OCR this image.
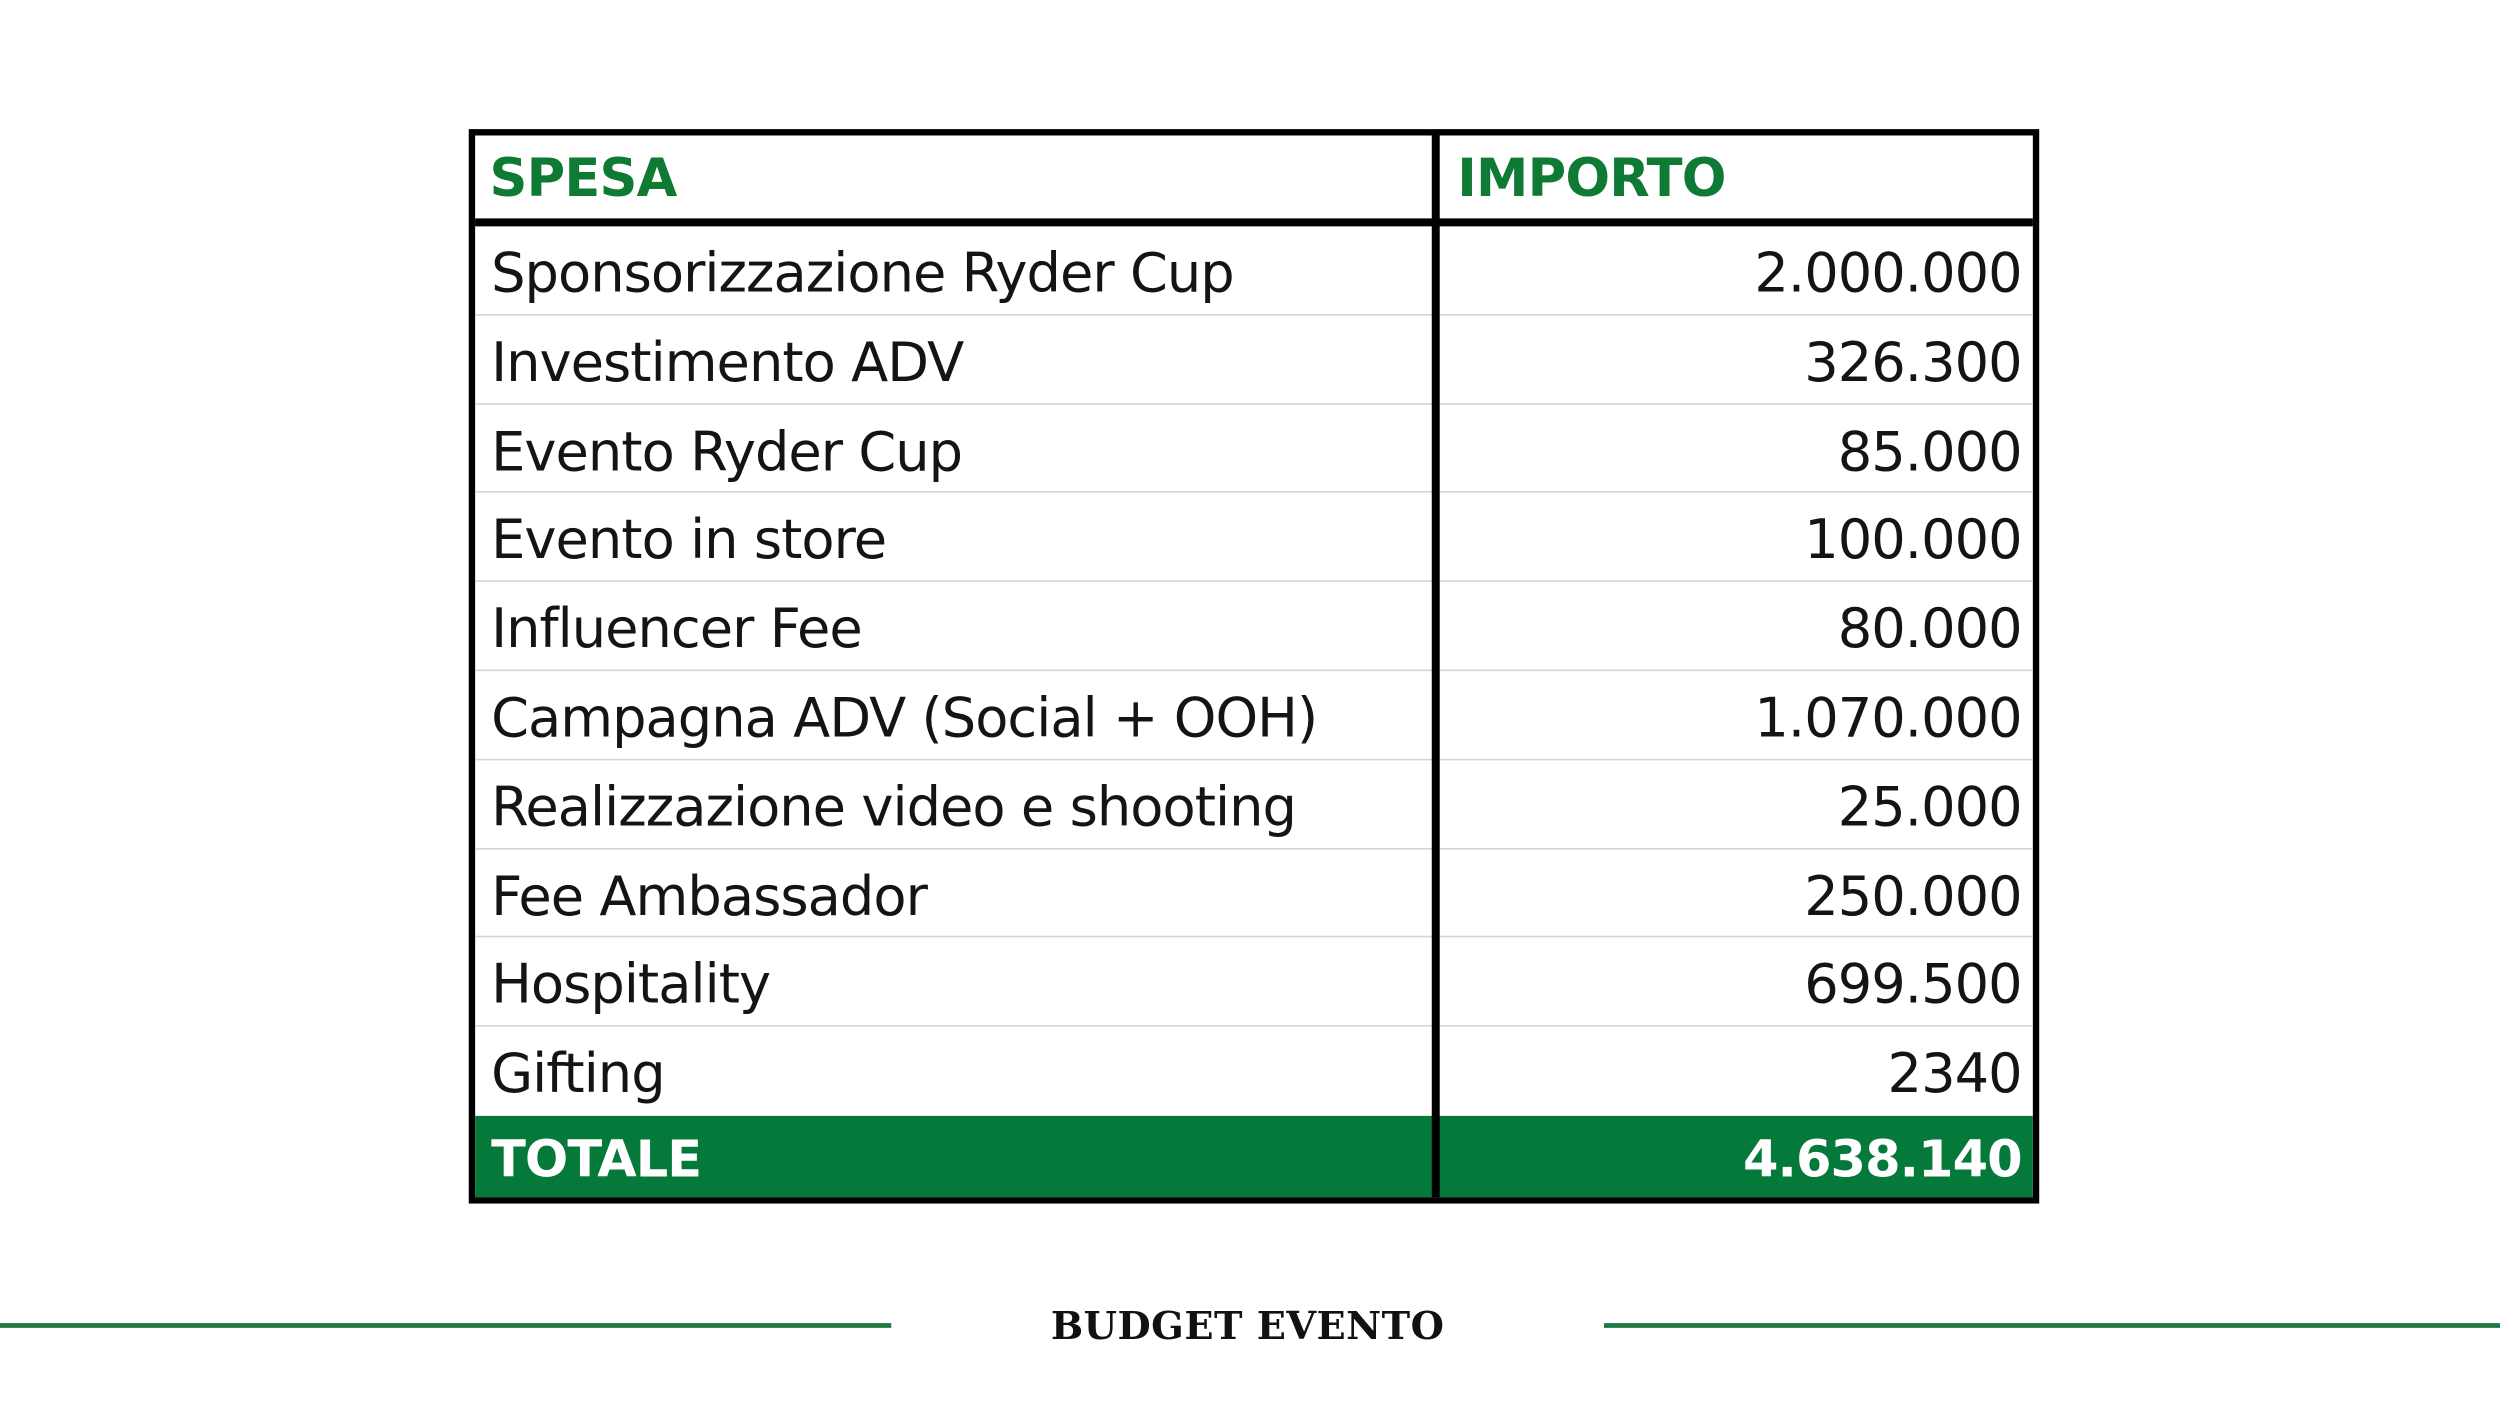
SPESA	IMPORTO
Sponsorizzazione Ryder Cup	2.000.000
Investimento ADV	326.300
Evento Ryder Cup	85.000
Evento in store	100.000
Influencer Fee	80.000
Campagna ADV (Social + OOH)	1.070.000
Realizzazione video e shooting	25.000
Fee Ambassador	250.000
Hospitality	699.500
Gifting	2340
TOTALE	4.638.140
BUDGET EVENTO
